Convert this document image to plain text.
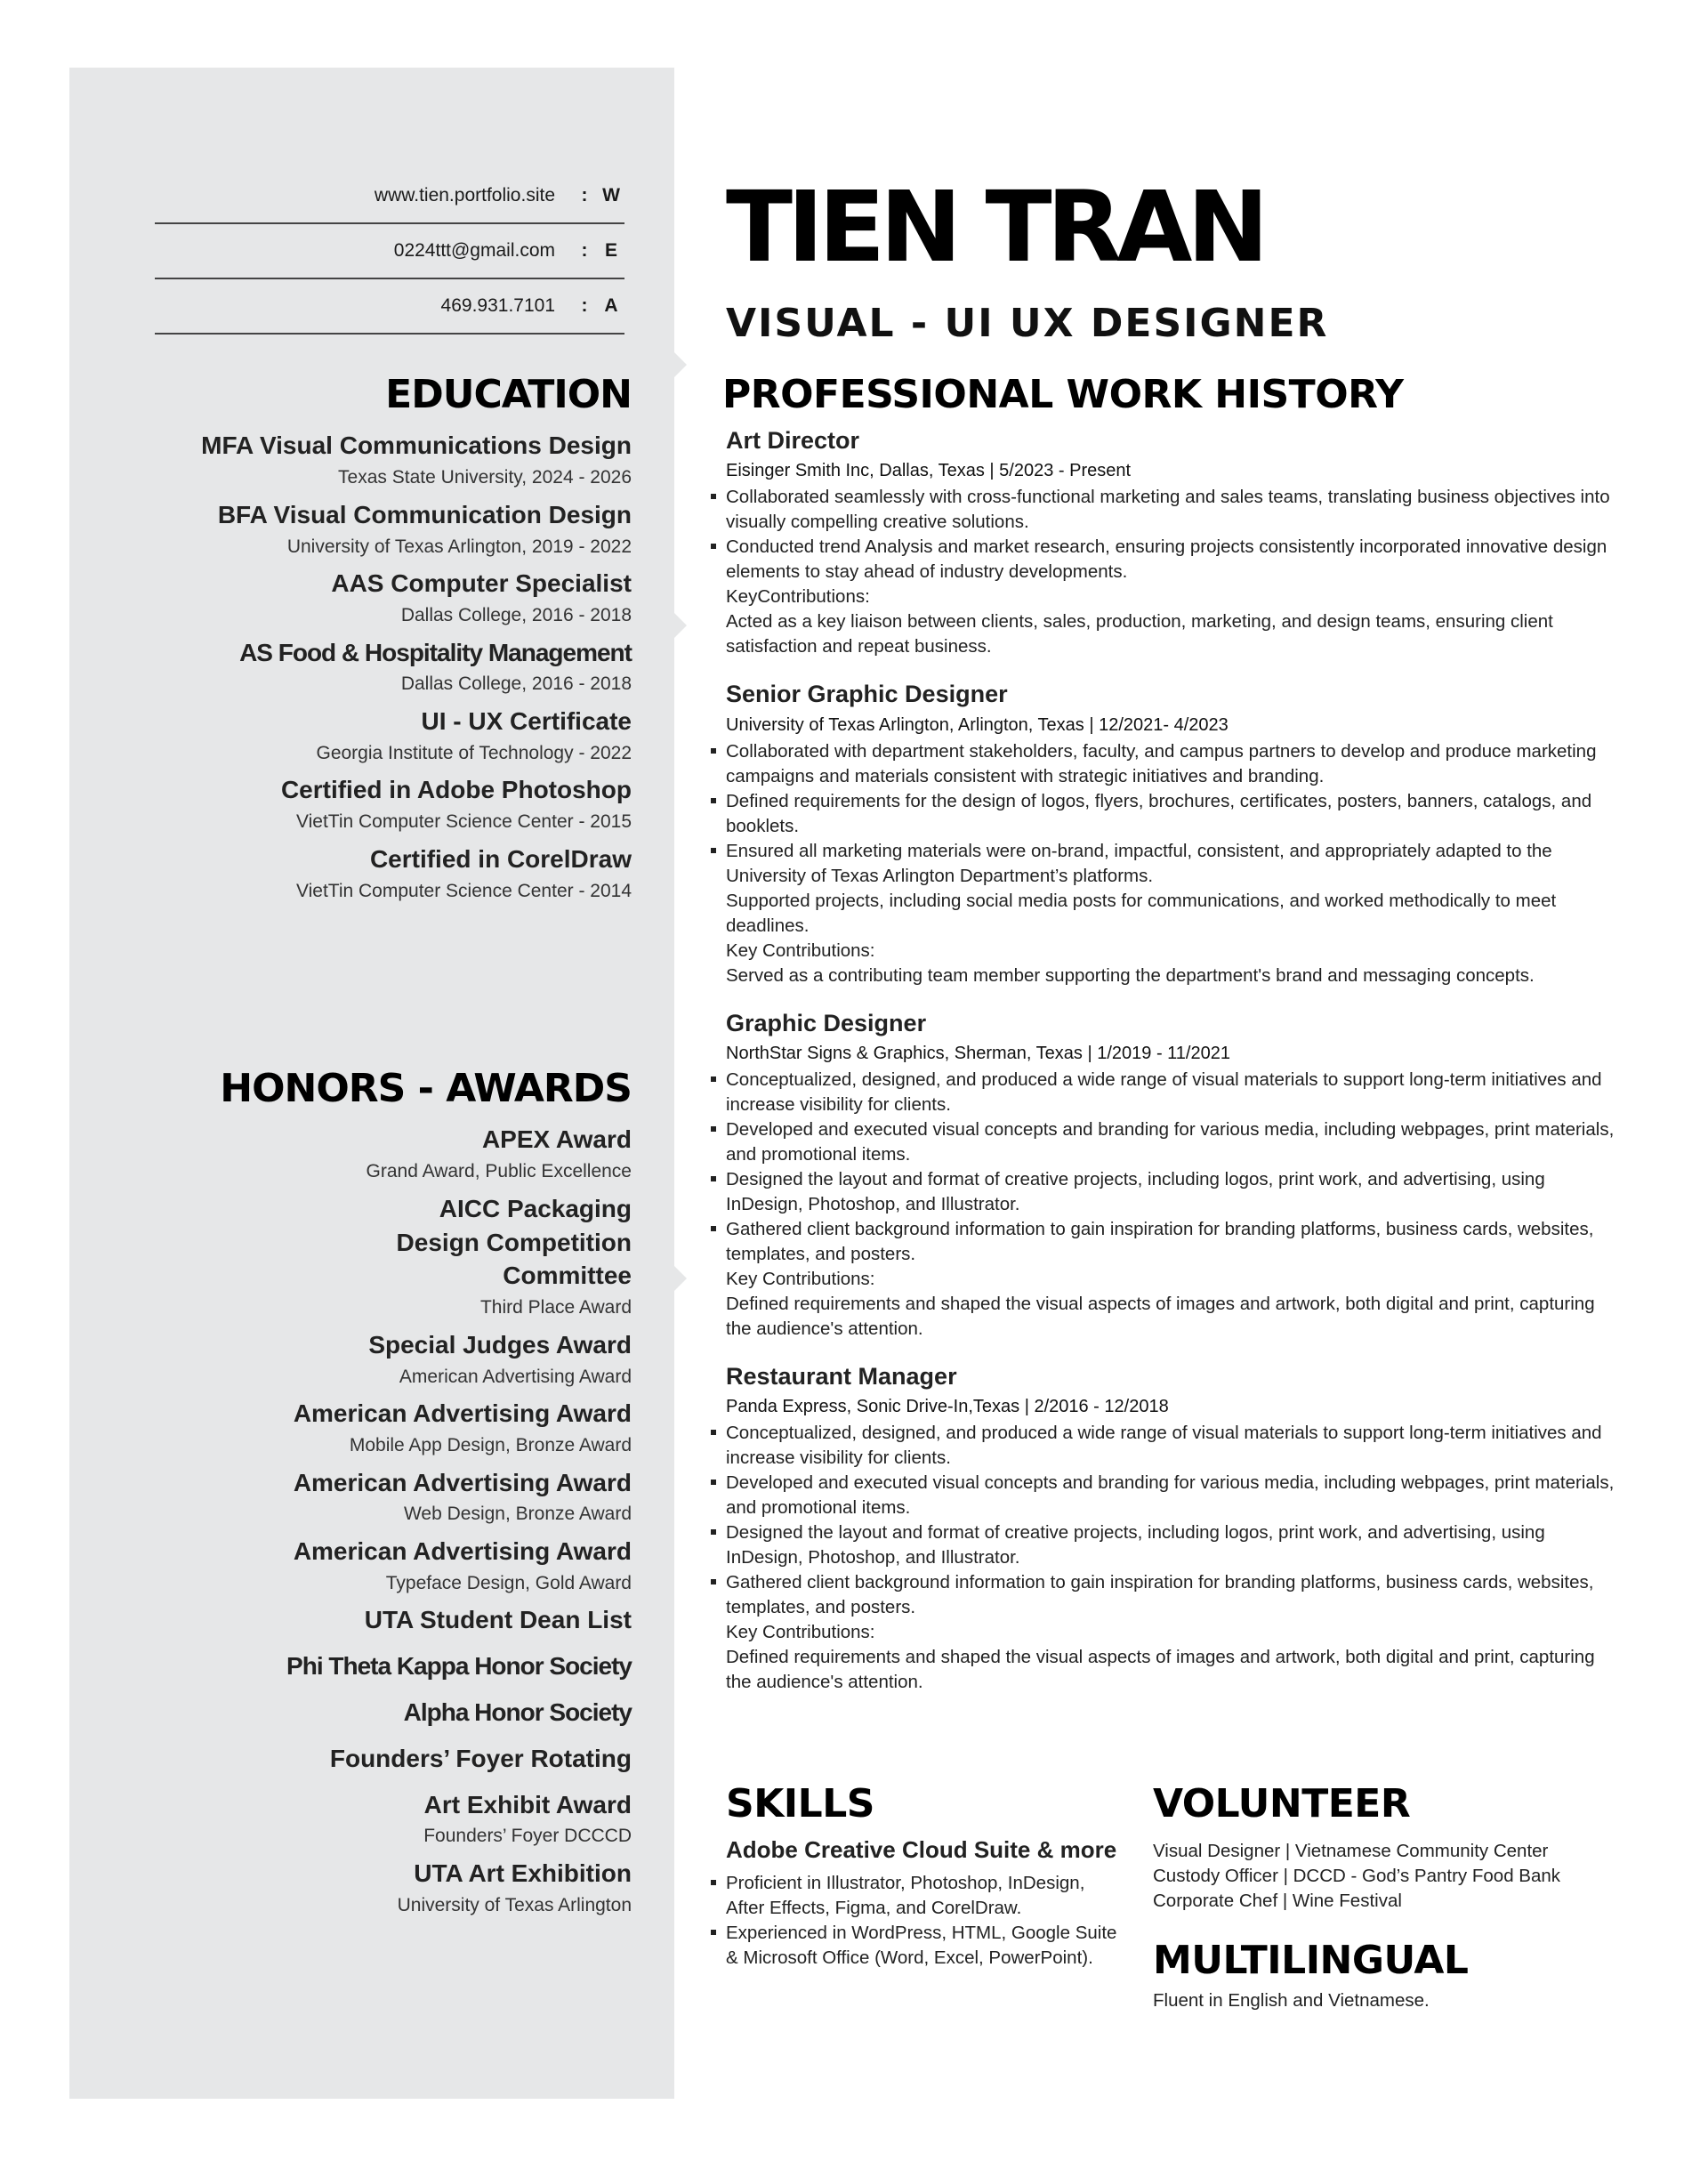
www.tien.portfolio.site	: W
0224ttt@gmail.com	: E
469.931.7101	: A
EDUCATION

MFA Visual Communications Design

Texas State University, 2024 - 2026

BFA Visual Communication Design

University of Texas Arlington, 2019 - 2022

AAS Computer Specialist

Dallas College, 2016 - 2018

AS Food & Hospitality Management

Dallas College, 2016 - 2018

UI - UX Certificate

Georgia Institute of Technology - 2022

Certified in Adobe Photoshop

VietTin Computer Science Center - 2015

Certified in CorelDraw

VietTin Computer Science Center - 2014

HONORS - AWARDS

APEX Award

Grand Award, Public Excellence

AICC Packaging Design Competition Committee

Third Place Award

Special Judges Award

American Advertising Award

American Advertising Award

Mobile App Design, Bronze Award

American Advertising Award

Web Design, Bronze Award

American Advertising Award

Typeface Design, Gold Award

UTA Student Dean List

Phi Theta Kappa Honor Society

Alpha Honor Society

Founders’ Foyer Rotating

Art Exhibit Award

Founders’ Foyer DCCCD

UTA Art Exhibition

University of Texas Arlington

TIEN TRAN
VISUAL - UI UX DESIGNER
PROFESSIONAL WORK HISTORY

Art Director

Eisinger Smith Inc, Dallas, Texas | 5/2023 - Present

Collaborated seamlessly with cross-functional marketing and sales teams, translating business objectives into visually compelling creative solutions.
Conducted trend Analysis and market research, ensuring projects consistently incorporated innovative design elements to stay ahead of industry developments.

KeyContributions:

Acted as a key liaison between clients, sales, production, marketing, and design teams, ensuring client satisfaction and repeat business.

Senior Graphic Designer

University of Texas Arlington, Arlington, Texas | 12/2021- 4/2023

Collaborated with department stakeholders, faculty, and campus partners to develop and produce marketing campaigns and materials consistent with strategic initiatives and branding.
Defined requirements for the design of logos, flyers, brochures, certificates, posters, banners, catalogs, and booklets.
Ensured all marketing materials were on-brand, impactful, consistent, and appropriately adapted to the University of Texas Arlington Department’s platforms.

Supported projects, including social media posts for communications, and worked methodically to meet deadlines.

Key Contributions:

Served as a contributing team member supporting the department's brand and messaging concepts.

Graphic Designer

NorthStar Signs & Graphics, Sherman, Texas | 1/2019 - 11/2021

Conceptualized, designed, and produced a wide range of visual materials to support long-term initiatives and increase visibility for clients.
Developed and executed visual concepts and branding for various media, including webpages, print materials, and promotional items.
Designed the layout and format of creative projects, including logos, print work, and advertising, using InDesign, Photoshop, and Illustrator.
Gathered client background information to gain inspiration for branding platforms, business cards, websites, templates, and posters.

Key Contributions:

Defined requirements and shaped the visual aspects of images and artwork, both digital and print, capturing the audience's attention.

Restaurant Manager

Panda Express, Sonic Drive-In,Texas | 2/2016 - 12/2018

Conceptualized, designed, and produced a wide range of visual materials to support long-term initiatives and increase visibility for clients.
Developed and executed visual concepts and branding for various media, including webpages, print materials, and promotional items.
Designed the layout and format of creative projects, including logos, print work, and advertising, using InDesign, Photoshop, and Illustrator.
Gathered client background information to gain inspiration for branding platforms, business cards, websites, templates, and posters.

Key Contributions:

Defined requirements and shaped the visual aspects of images and artwork, both digital and print, capturing the audience's attention.

SKILLS

Adobe Creative Cloud Suite & more

Proficient in Illustrator, Photoshop, InDesign, After Effects, Figma, and CorelDraw.
Experienced in WordPress, HTML, Google Suite & Microsoft Office (Word, Excel, PowerPoint).
VOLUNTEER

Visual Designer | Vietnamese Community Center

Custody Officer | DCCD - God’s Pantry Food Bank

Corporate Chef | Wine Festival

MULTILINGUAL

Fluent in English and Vietnamese.
